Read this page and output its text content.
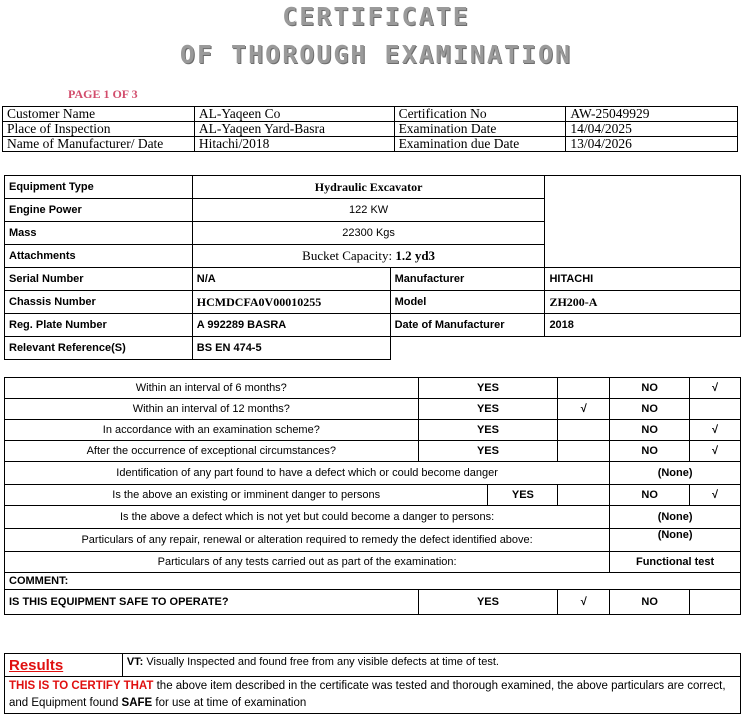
CERTIFICATE
OF THOROUGH EXAMINATION
PAGE 1 OF 3
Customer Name	AL-Yaqeen Co	Certification No	AW-25049929
Place of Inspection	AL-Yaqeen Yard-Basra	Examination Date	14/04/2025
Name of Manufacturer/ Date	Hitachi/2018	Examination due Date	13/04/2026
Equipment Type	Hydraulic Excavator		
Engine Power	122 KW		
Mass	22300 Kgs		
Attachments	Bucket Capacity: 1.2 yd3		
Serial Number	N/A	Manufacturer	HITACHI
Chassis Number	HCMDCFA0V00010255	Model	ZH200-A
Reg. Plate Number	A 992289 BASRA	Date of Manufacturer	2018
Relevant Reference(S)	BS EN 474-5		
Within an interval of 6 months?	YES			NO	√
Within an interval of 12 months?	YES		√	NO	
In accordance with an examination scheme?	YES			NO	√
After the occurrence of exceptional circumstances?	YES			NO	√
Identification of any part found to have a defect which or could become danger				(None)	
Is the above an existing or imminent danger to persons		YES		NO	√
Is the above a defect which is not yet but could become a danger to persons:				(None)	
Particulars of any repair, renewal or alteration required to remedy the defect identified above:				(None)	
Particulars of any tests carried out as part of the examination:				Functional test	
COMMENT:					
IS THIS EQUIPMENT SAFE TO OPERATE?	YES		√	NO	
Results	VT: Visually Inspected and found free from any visible defects at time of test.
THIS IS TO CERTIFY THAT the above item described in the certificate was tested and thorough examined, the above particulars are correct, and Equipment found SAFE for use at time of examination
